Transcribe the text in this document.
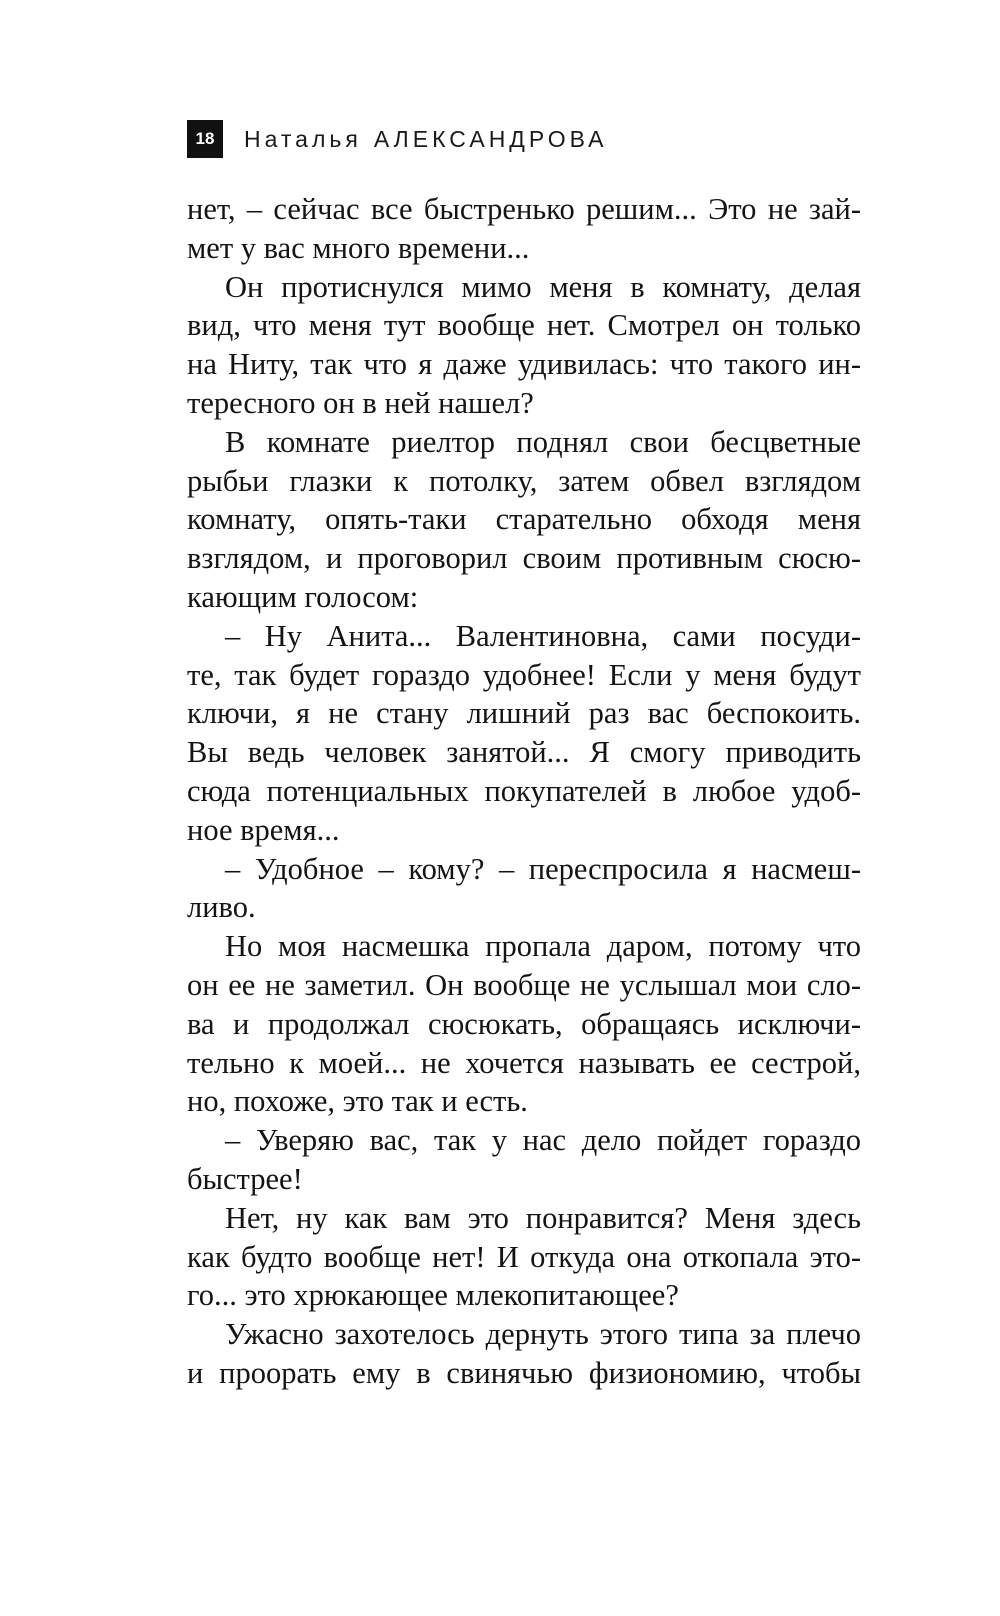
18	Наталья АЛЕКСАНДРОВА
нет, – сейчас все быстренько решим... Это не зай-
мет у вас много времени...
Он протиснулся мимо меня в комнату, делая
вид, что меня тут вообще нет. Смотрел он только
на Ниту, так что я даже удивилась: что такого ин-
тересного он в ней нашел?
В комнате риелтор поднял свои бесцветные
рыбьи глазки к потолку, затем обвел взглядом
комнату, опять-таки старательно обходя меня
взглядом, и проговорил своим противным сюсю-
кающим голосом:
– Ну Анита... Валентиновна, сами посуди-
те, так будет гораздо удобнее! Если у меня будут
ключи, я не стану лишний раз вас беспокоить.
Вы ведь человек занятой... Я смогу приводить
сюда потенциальных покупателей в любое удоб-
ное время...
– Удобное – кому? – переспросила я насмеш-
ливо.
Но моя насмешка пропала даром, потому что
он ее не заметил. Он вообще не услышал мои сло-
ва и продолжал сюсюкать, обращаясь исключи-
тельно к моей... не хочется называть ее сестрой,
но, похоже, это так и есть.
– Уверяю вас, так у нас дело пойдет гораздо
быстрее!
Нет, ну как вам это понравится? Меня здесь
как будто вообще нет! И откуда она откопала это-
го... это хрюкающее млекопитающее?
Ужасно захотелось дернуть этого типа за плечо
и проорать ему в свинячью физиономию, чтобы
